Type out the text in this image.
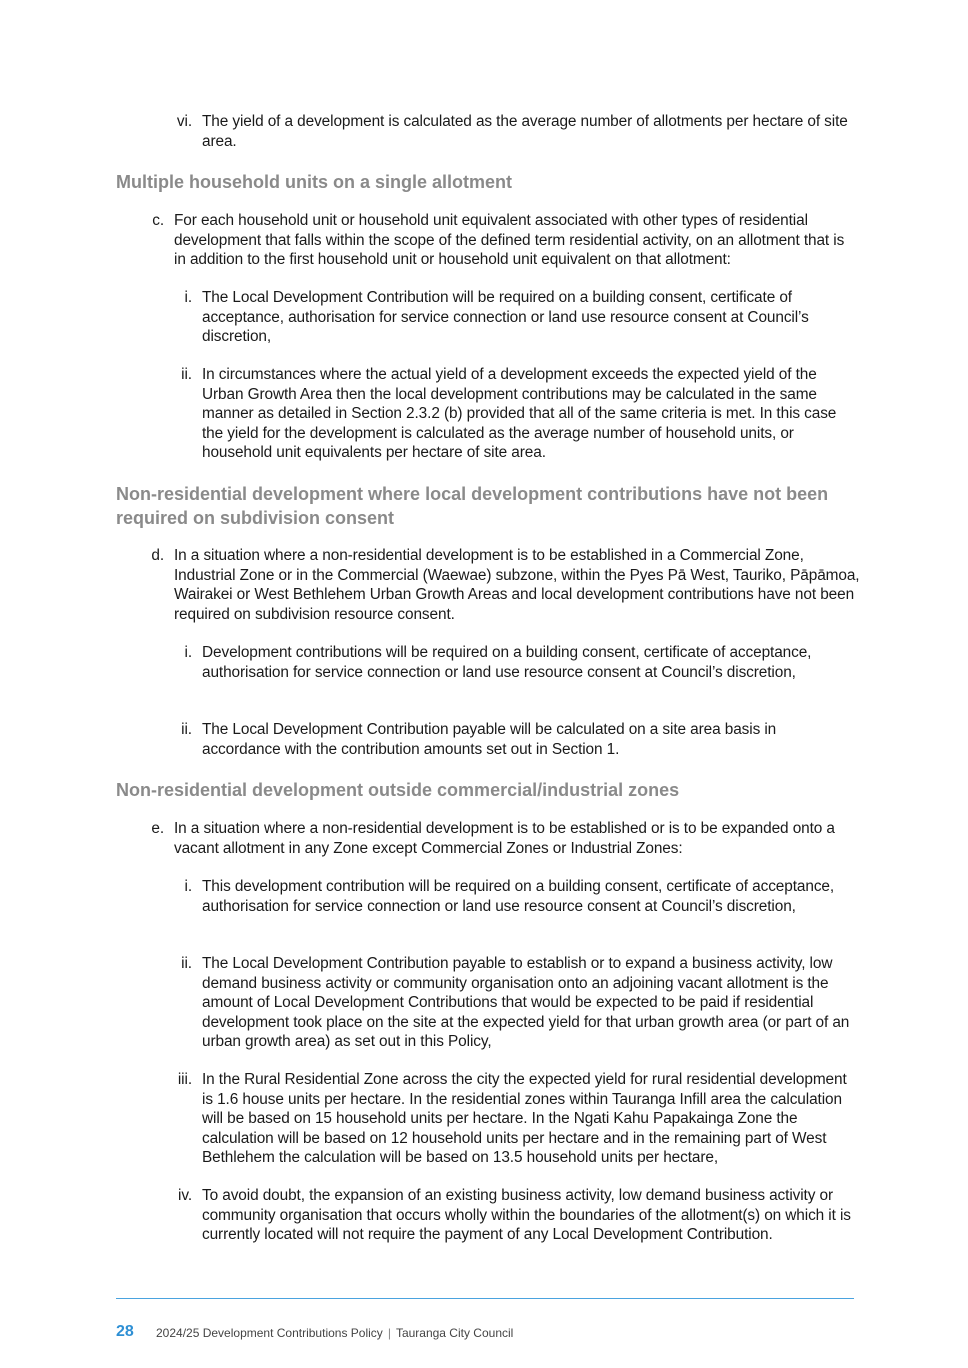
vi. The yield of a development is calculated as the average number of allotments per hectare of site area.
Multiple household units on a single allotment
c. For each household unit or household unit equivalent associated with other types of residential development that falls within the scope of the defined term residential activity, on an allotment that is in addition to the first household unit or household unit equivalent on that allotment:
i. The Local Development Contribution will be required on a building consent, certificate of acceptance, authorisation for service connection or land use resource consent at Council’s discretion,
ii. In circumstances where the actual yield of a development exceeds the expected yield of the Urban Growth Area then the local development contributions may be calculated in the same manner as detailed in Section 2.3.2 (b) provided that all of the same criteria is met. In this case the yield for the development is calculated as the average number of household units, or household unit equivalents per hectare of site area.
Non-residential development where local development contributions have not been required on subdivision consent
d. In a situation where a non-residential development is to be established in a Commercial Zone, Industrial Zone or in the Commercial (Waewae) subzone, within the Pyes Pā West, Tauriko, Pāpāmoa, Wairakei or West Bethlehem Urban Growth Areas and local development contributions have not been required on subdivision resource consent.
i. Development contributions will be required on a building consent, certificate of acceptance, authorisation for service connection or land use resource consent at Council’s discretion,
ii. The Local Development Contribution payable will be calculated on a site area basis in accordance with the contribution amounts set out in Section 1.
Non-residential development outside commercial/industrial zones
e. In a situation where a non-residential development is to be established or is to be expanded onto a vacant allotment in any Zone except Commercial Zones or Industrial Zones:
i. This development contribution will be required on a building consent, certificate of acceptance, authorisation for service connection or land use resource consent at Council’s discretion,
ii. The Local Development Contribution payable to establish or to expand a business activity, low demand business activity or community organisation onto an adjoining vacant allotment is the amount of Local Development Contributions that would be expected to be paid if residential development took place on the site at the expected yield for that urban growth area (or part of an urban growth area) as set out in this Policy,
iii. In the Rural Residential Zone across the city the expected yield for rural residential development is 1.6 house units per hectare. In the residential zones within Tauranga Infill area the calculation will be based on 15 household units per hectare. In the Ngati Kahu Papakainga Zone the calculation will be based on 12 household units per hectare and in the remaining part of West Bethlehem the calculation will be based on 13.5 household units per hectare,
iv. To avoid doubt, the expansion of an existing business activity, low demand business activity or community organisation that occurs wholly within the boundaries of the allotment(s) on which it is currently located will not require the payment of any Local Development Contribution.
28 2024/25 Development Contributions Policy | Tauranga City Council
